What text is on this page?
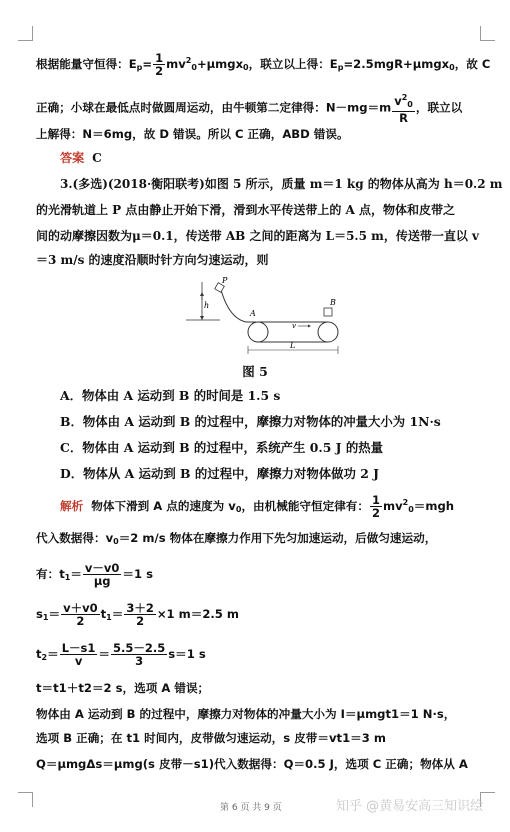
根据能量守恒得：$E_p= \frac{1}{2} mv^2_0+\mu mgx_0$，联立以上得：$E_p=2.5mgR+\mu mgx_0$，故 C
正确；小球在最低点时做圆周运动，由牛顿第二定律得：$N-mg=m \frac{v^2_0}{R}$ ，联立以
上解得：N＝6mg，故 D 错误。所以 C 正确，ABD 错误。
答案 C
3.(多选)(2018·衡阳联考)如图 5 所示，质量 m＝1 kg 的物体从高为 h＝0.2 m
的光滑轨道上 P 点由静止开始下滑，滑到水平传送带上的 A 点，物体和皮带之
间的动摩擦因数为μ＝0.1，传送带 AB 之间的距离为 L＝5.5 m，传送带一直以 v
＝3 m/s 的速度沿顺时针方向匀速运动，则
P
h
A
B
v
L
图 5
A．物体由 A 运动到 B 的时间是 1.5 s
B．物体由 A 运动到 B 的过程中，摩擦力对物体的冲量大小为 1N·s
C．物体由 A 运动到 B 的过程中，系统产生 0.5 J 的热量
D．物体从 A 运动到 B 的过程中，摩擦力对物体做功 2 J
解析 物体下滑到 A 点的速度为 $v_0$，由机械能守恒定律有： $\frac{1}{2} mv^2_0=mgh$
代入数据得：$v_0=2$ m/s 物体在摩擦力作用下先匀加速运动，后做匀速运动，
有：$t_1= \frac{v-v0}{\mu g} =1$ s
$s_1= \frac{v+v0}{2} t_1= \frac{3+2}{2} \times 1$ m＝2.5 m
$t_2= \frac{L-s1}{v} = \frac{5.5-2.5}{3} s=1$ s
t＝t1＋t2＝2 s，选项 A 错误；
物体由 A 运动到 B 的过程中，摩擦力对物体的冲量大小为 I＝μmgt1＝1 N·s，
选项 B 正确；在 t1 时间内，皮带做匀速运动，s 皮带＝vt1＝3 m
Q＝μmgΔs＝μmg(s 皮带－s1)代入数据得：Q＝0.5 J，选项 C 正确；物体从 A
第 6 页 共 9 页	知乎 @黄易安高三知识绘
